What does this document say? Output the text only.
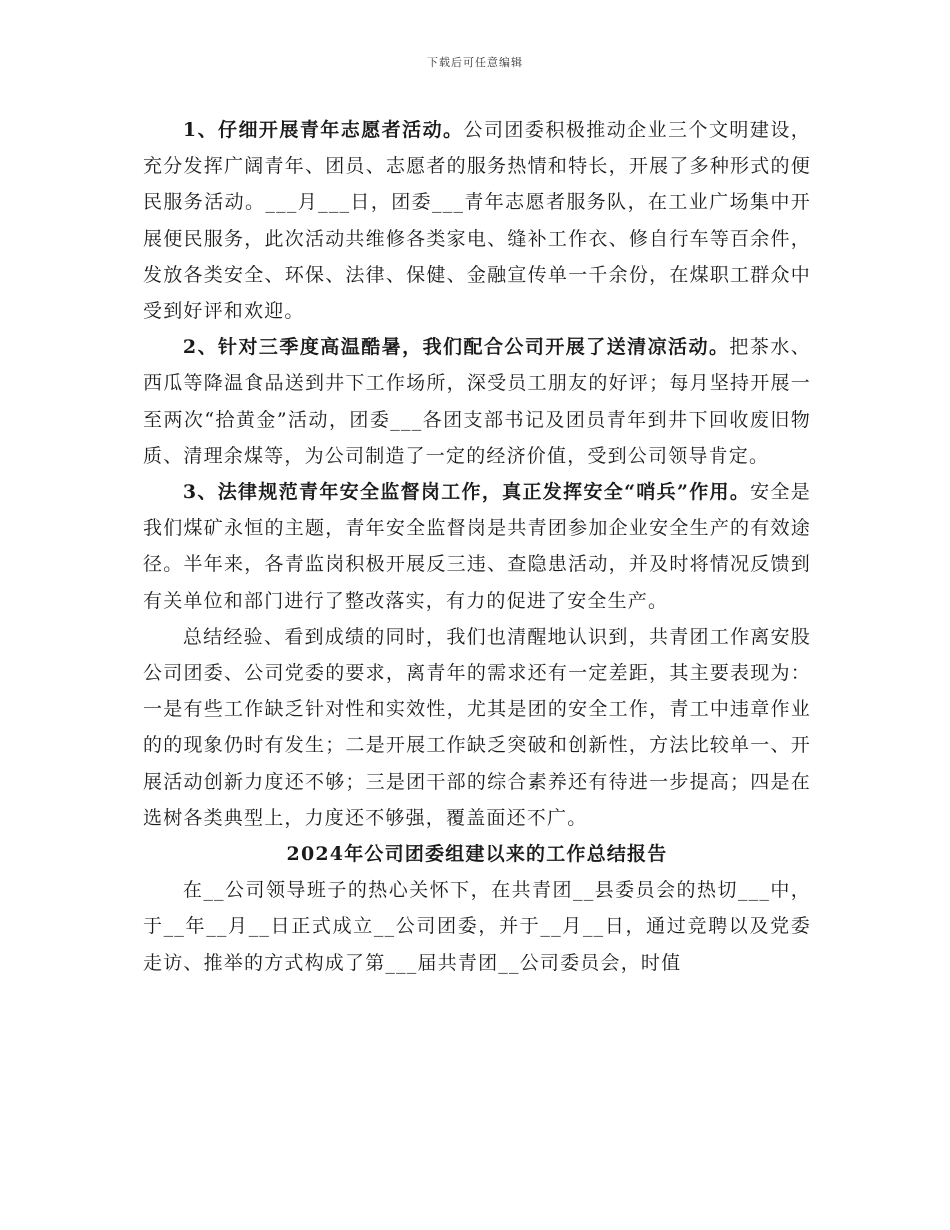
下载后可任意编辑

1、仔细开展青年志愿者活动。公司团委积极推动企业三个文明建设，充分发挥广阔青年、团员、志愿者的服务热情和特长，开展了多种形式的便民服务活动。___月___日，团委___青年志愿者服务队，在工业广场集中开展便民服务，此次活动共维修各类家电、缝补工作衣、修自行车等百余件，发放各类安全、环保、法律、保健、金融宣传单一千余份，在煤职工群众中受到好评和欢迎。

2、针对三季度高温酷暑，我们配合公司开展了送清凉活动。把茶水、西瓜等降温食品送到井下工作场所，深受员工朋友的好评；每月坚持开展一至两次“拾黄金”活动，团委___各团支部书记及团员青年到井下回收废旧物质、清理余煤等，为公司制造了一定的经济价值，受到公司领导肯定。

3、法律规范青年安全监督岗工作，真正发挥安全“哨兵”作用。安全是我们煤矿永恒的主题，青年安全监督岗是共青团参加企业安全生产的有效途径。半年来，各青监岗积极开展反三违、查隐患活动，并及时将情况反馈到有关单位和部门进行了整改落实，有力的促进了安全生产。

总结经验、看到成绩的同时，我们也清醒地认识到，共青团工作离安股公司团委、公司党委的要求，离青年的需求还有一定差距，其主要表现为：一是有些工作缺乏针对性和实效性，尤其是团的安全工作，青工中违章作业的的现象仍时有发生；二是开展工作缺乏突破和创新性，方法比较单一、开展活动创新力度还不够；三是团干部的综合素养还有待进一步提高；四是在选树各类典型上，力度还不够强，覆盖面还不广。

2024年公司团委组建以来的工作总结报告

在__公司领导班子的热心关怀下，在共青团__县委员会的热切___中，于__年__月__日正式成立__公司团委，并于__月__日，通过竞聘以及党委走访、推举的方式构成了第___届共青团__公司委员会，时值
